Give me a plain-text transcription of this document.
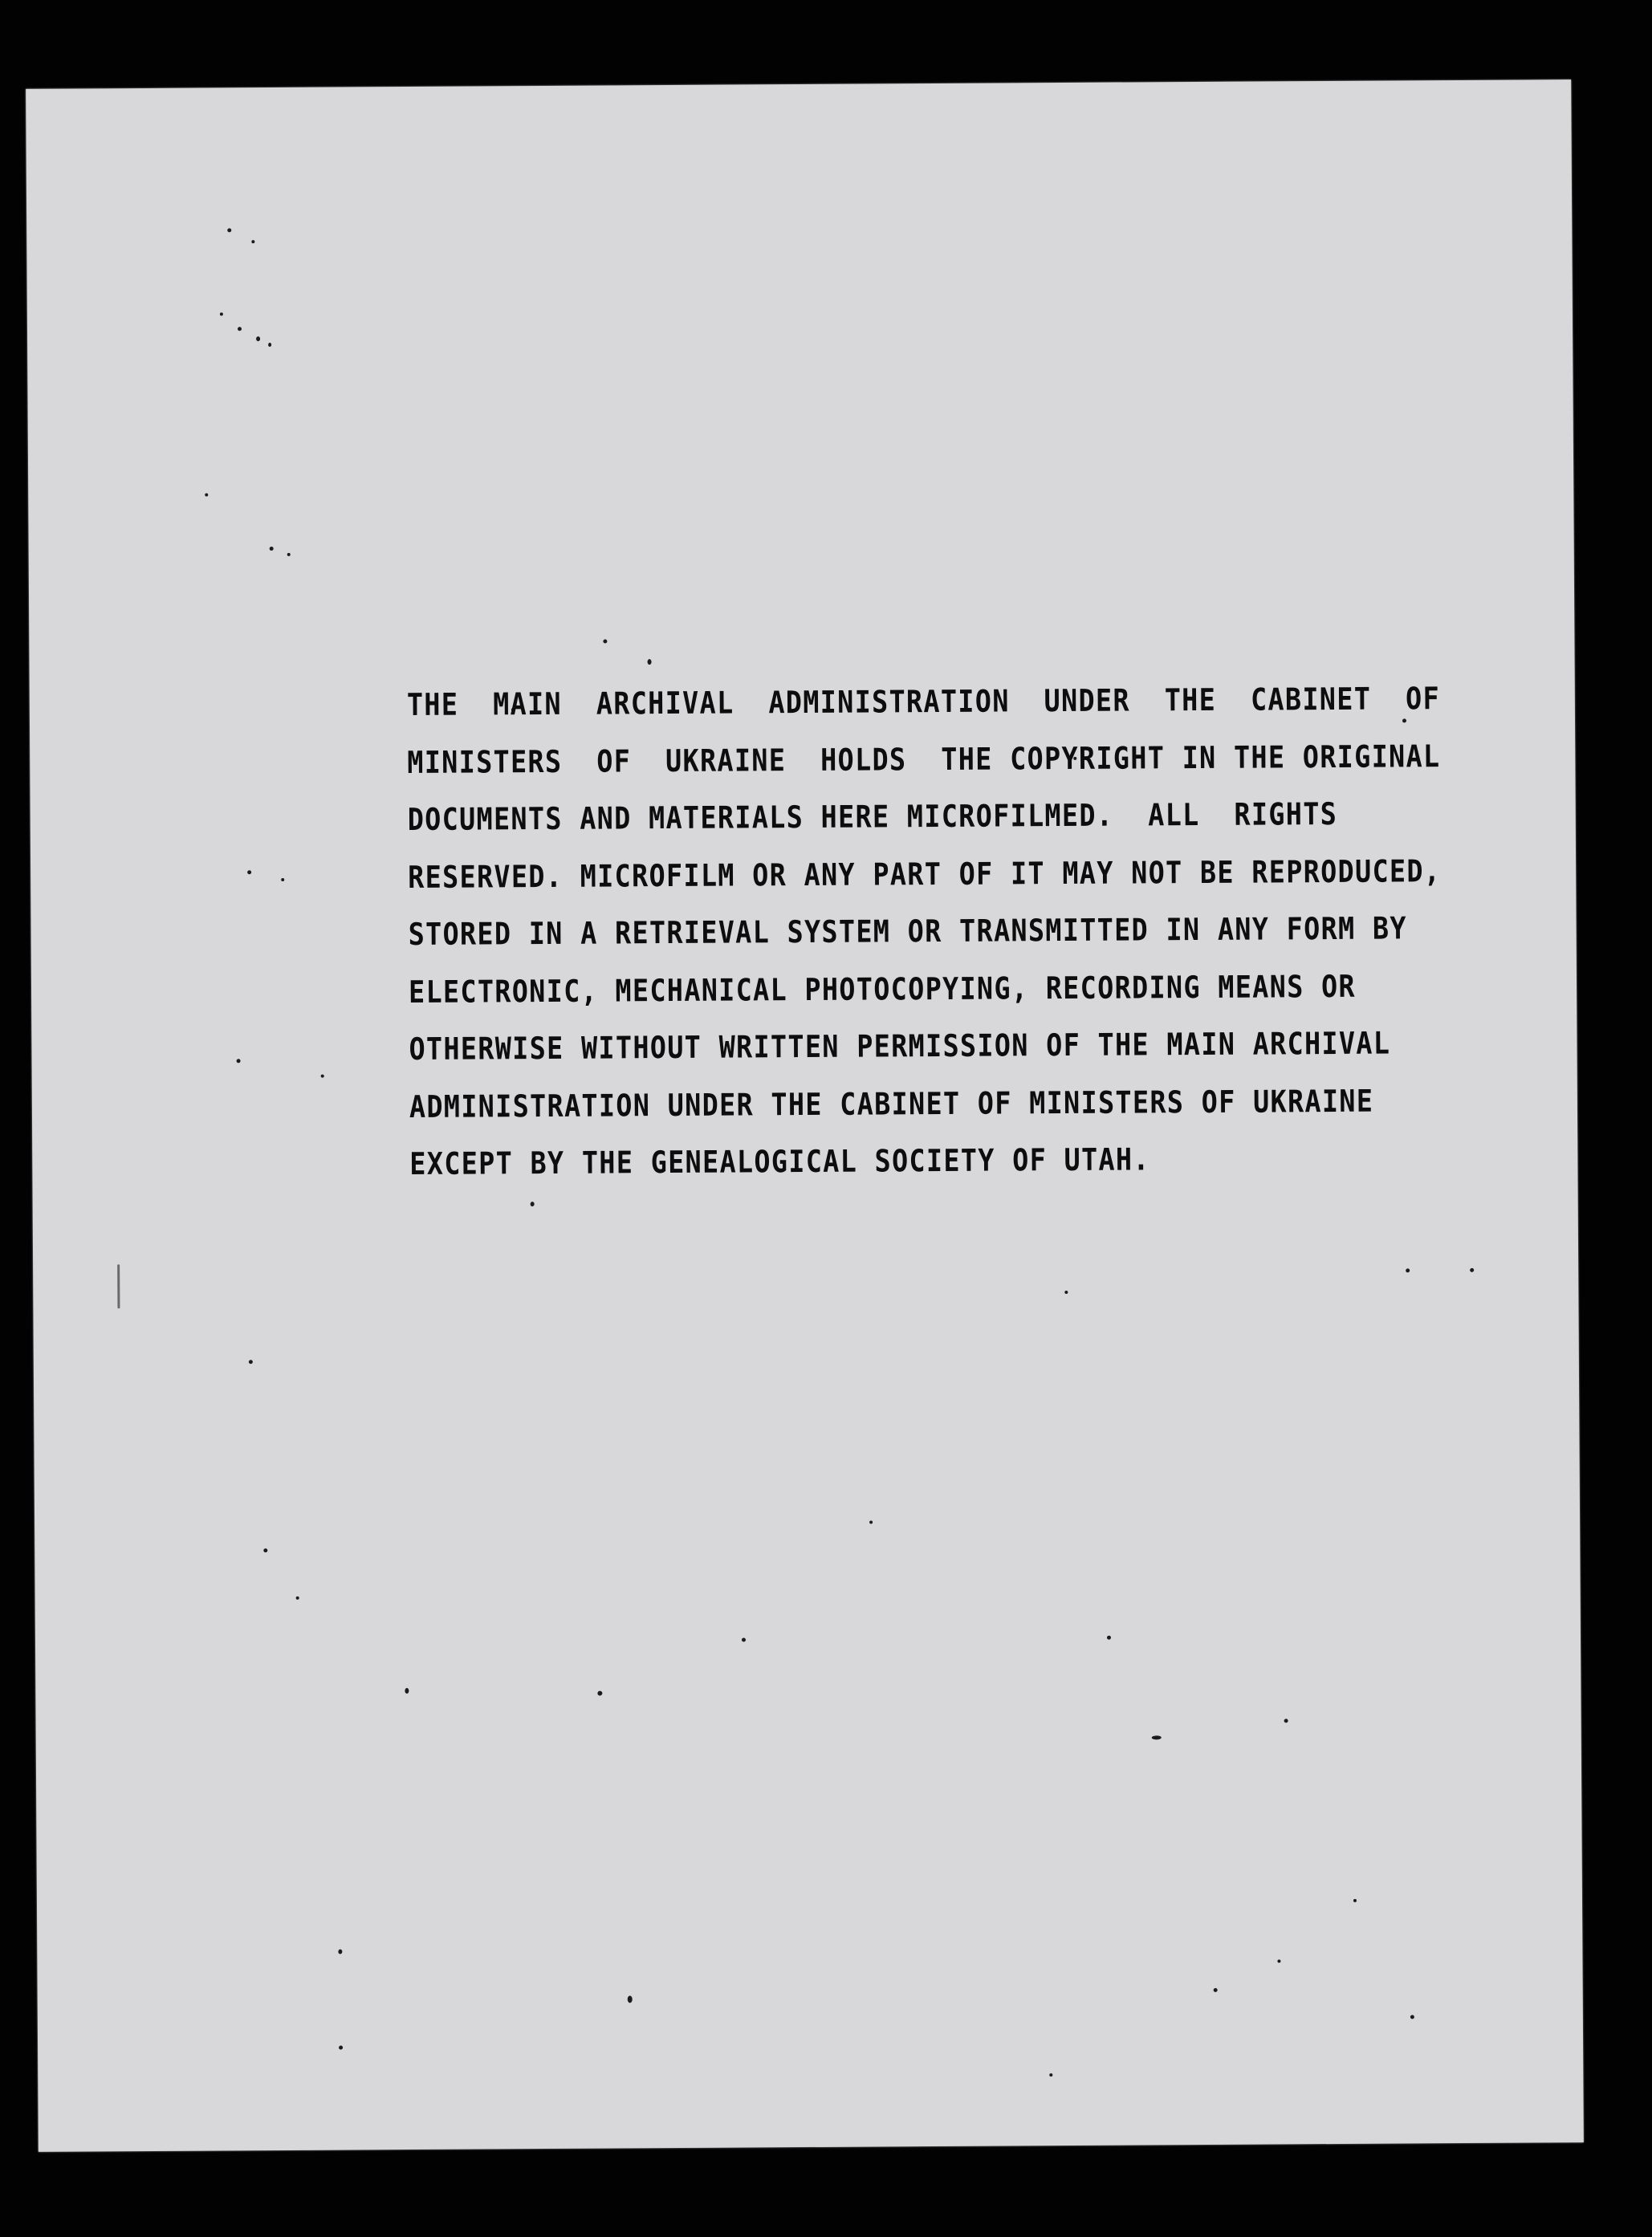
THE  MAIN  ARCHIVAL  ADMINISTRATION  UNDER  THE  CABINET  OF
MINISTERS  OF  UKRAINE  HOLDS  THE COPYRIGHT IN THE ORIGINAL
DOCUMENTS AND MATERIALS HERE MICROFILMED.  ALL  RIGHTS
RESERVED. MICROFILM OR ANY PART OF IT MAY NOT BE REPRODUCED,
STORED IN A RETRIEVAL SYSTEM OR TRANSMITTED IN ANY FORM BY
ELECTRONIC, MECHANICAL PHOTOCOPYING, RECORDING MEANS OR
OTHERWISE WITHOUT WRITTEN PERMISSION OF THE MAIN ARCHIVAL
ADMINISTRATION UNDER THE CABINET OF MINISTERS OF UKRAINE
EXCEPT BY THE GENEALOGICAL SOCIETY OF UTAH.
